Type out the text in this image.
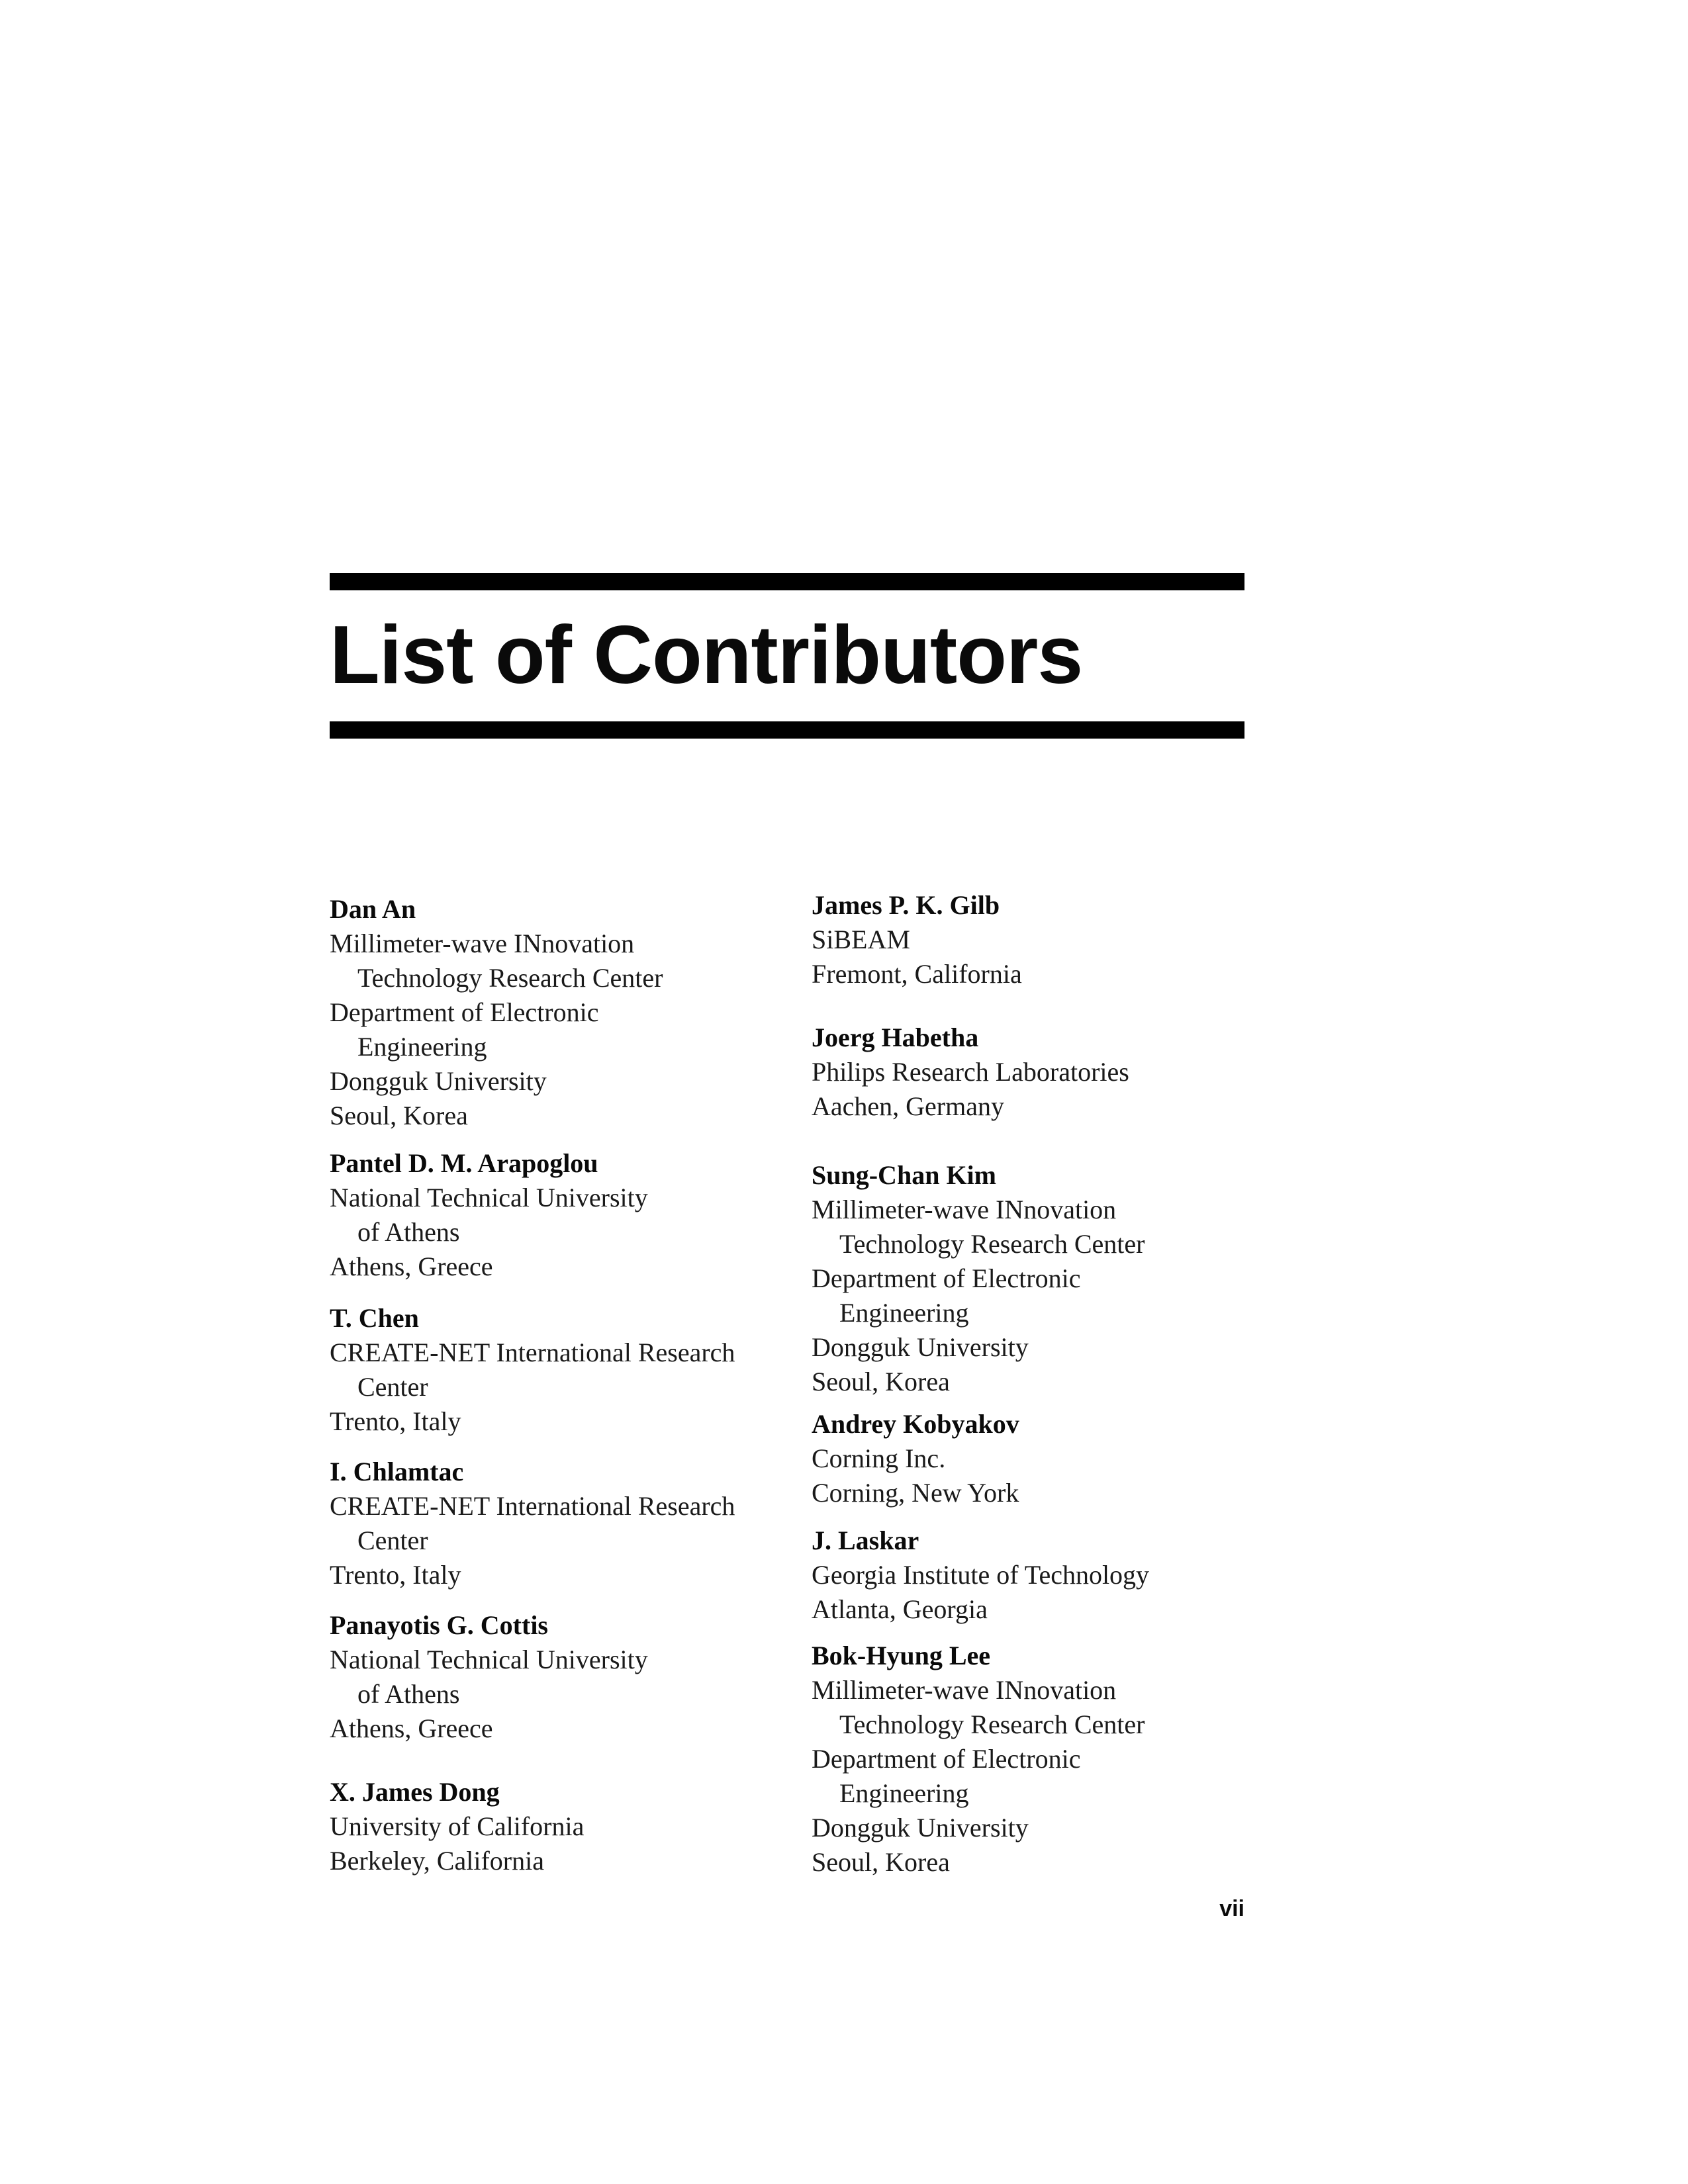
List of Contributors
Dan An
Millimeter-wave INnovation
Technology Research Center
Department of Electronic
Engineering
Dongguk University
Seoul, Korea
Pantel D. M. Arapoglou
National Technical University
of Athens
Athens, Greece
T. Chen
CREATE-NET International Research
Center
Trento, Italy
I. Chlamtac
CREATE-NET International Research
Center
Trento, Italy
Panayotis G. Cottis
National Technical University
of Athens
Athens, Greece
X. James Dong
University of California
Berkeley, California
James P. K. Gilb
SiBEAM
Fremont, California
Joerg Habetha
Philips Research Laboratories
Aachen, Germany
Sung-Chan Kim
Millimeter-wave INnovation
Technology Research Center
Department of Electronic
Engineering
Dongguk University
Seoul, Korea
Andrey Kobyakov
Corning Inc.
Corning, New York
J. Laskar
Georgia Institute of Technology
Atlanta, Georgia
Bok-Hyung Lee
Millimeter-wave INnovation
Technology Research Center
Department of Electronic
Engineering
Dongguk University
Seoul, Korea
vii
